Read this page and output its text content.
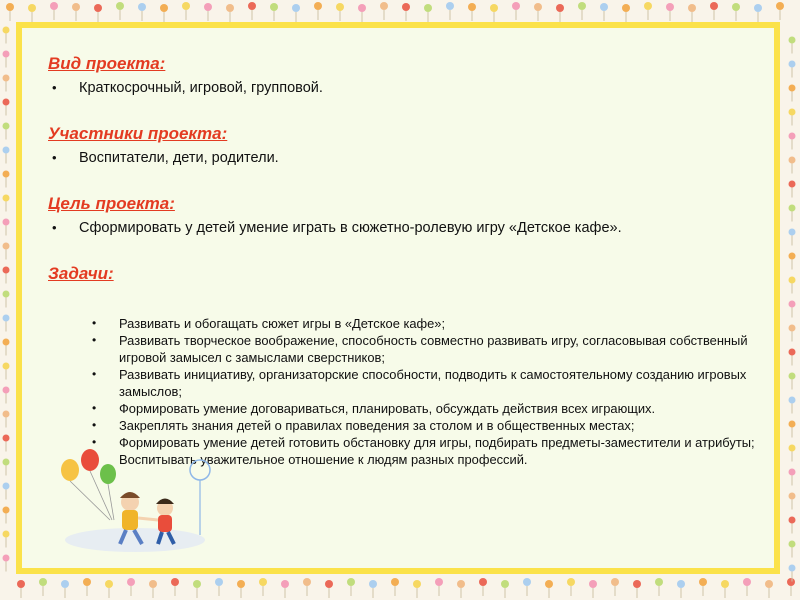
Вид проекта:
• Краткосрочный, игровой, групповой.
Участники проекта:
• Воспитатели, дети, родители.
Цель проекта:
• Сформировать у детей умение играть в сюжетно-ролевую игру «Детское кафе».
Задачи:
• Развивать и обогащать сюжет игры в «Детское кафе»;
• Развивать творческое воображение, способность совместно развивать игру, согласовывая собственный игровой замысел с замыслами сверстников;
• Развивать инициативу, организаторские способности, подводить к самостоятельному созданию игровых замыслов;
• Формировать умение договариваться, планировать, обсуждать действия всех играющих.
• Закреплять знания детей о правилах поведения за столом и в общественных местах;
• Формировать умение детей готовить обстановку для игры, подбирать предметы-заместители и атрибуты;
• Воспитывать уважительное отношение к людям разных профессий.
